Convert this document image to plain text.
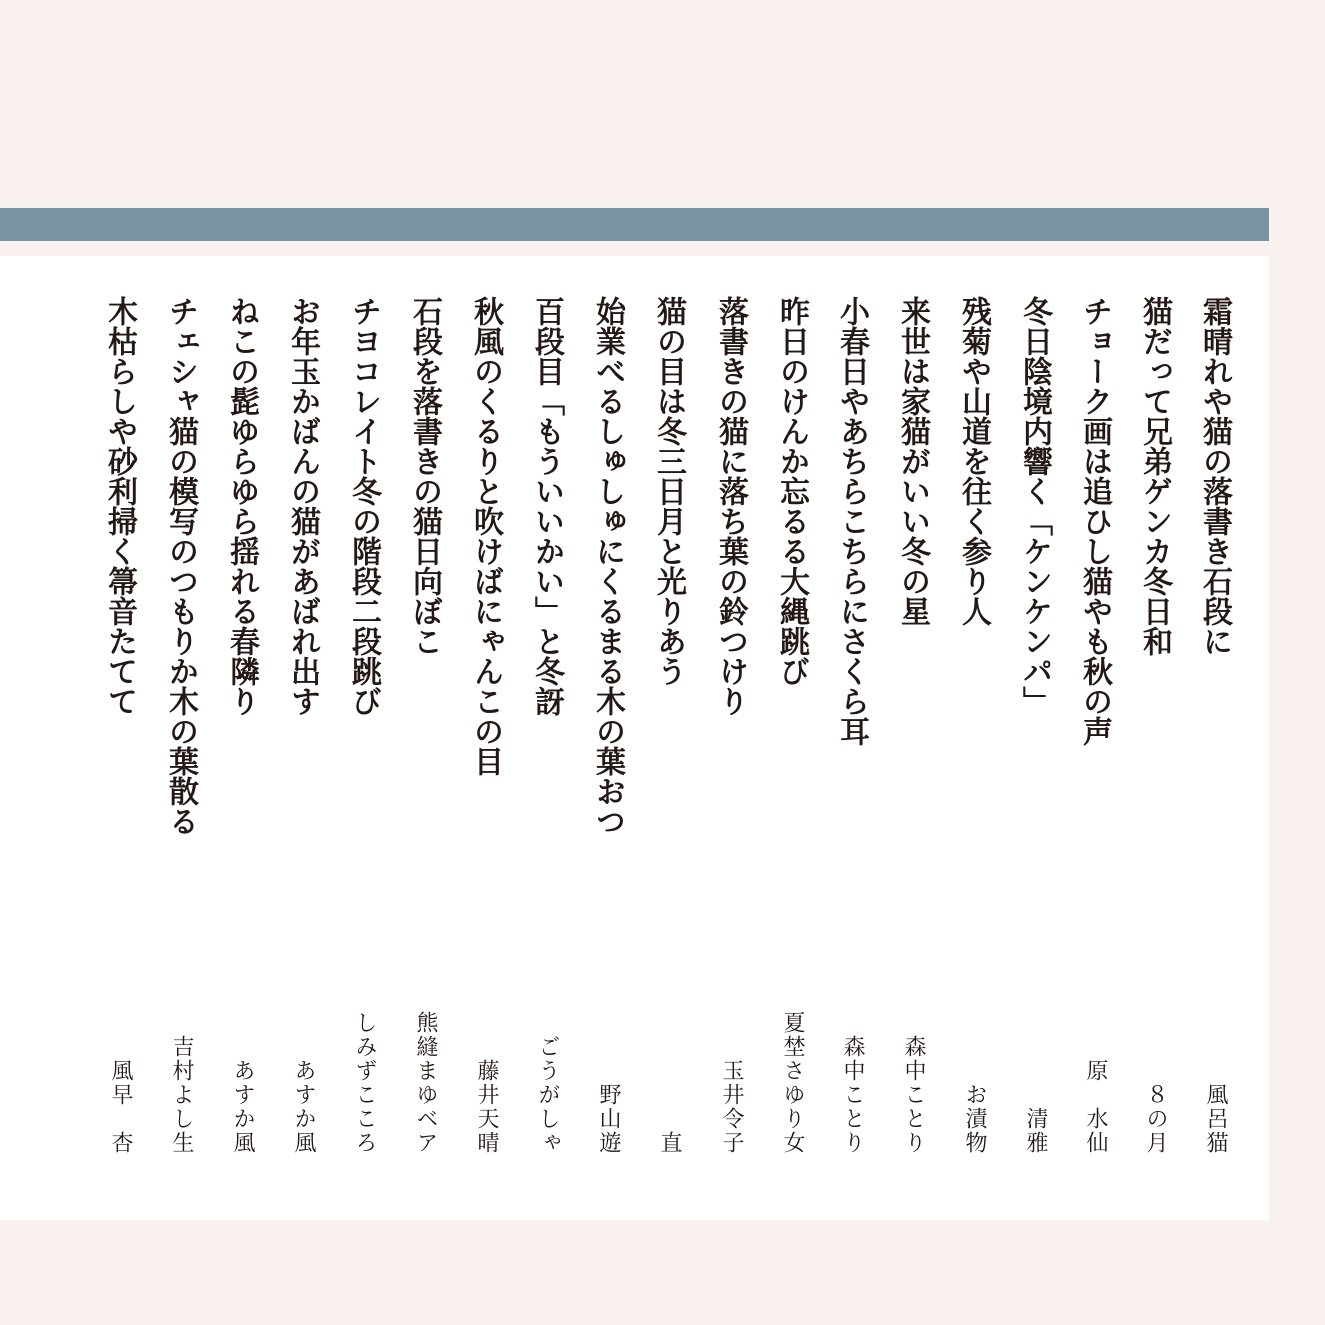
霜晴れや猫の落書き石段に
猫だって兄弟ゲンカ冬日和
チョーク画は追ひし猫やも秋の声
冬日陰境内響く「ケンケンパ」
残菊や山道を往く参り人
来世は家猫がいい冬の星
小春日やあちらこちらにさくら耳
昨日のけんか忘るる大縄跳び
落書きの猫に落ち葉の鈴つけり
猫の目は冬三日月と光りあう
始業べるしゅしゅにくるまる木の葉おつ
百段目「もういいかい」と冬訝
秋風のくるりと吹けばにゃんこの目
石段を落書きの猫日向ぼこ
チヨコレイト冬の階段二段跳び
お年玉かばんの猫があばれ出す
ねこの髭ゆらゆら揺れる春隣り
チェシャ猫の模写のつもりか木の葉散る
木枯らしや砂利掃く箒音たてて
風呂猫
８の月
原　水仙
清雅
お漬物
森中ことり
森中ことり
夏埜さゆり女
玉井令子
直
野山遊
ごうがしゃ
藤井天晴
熊縫まゆベア
しみずこころ
あすか風
あすか風
吉村よし生
風早　杏
